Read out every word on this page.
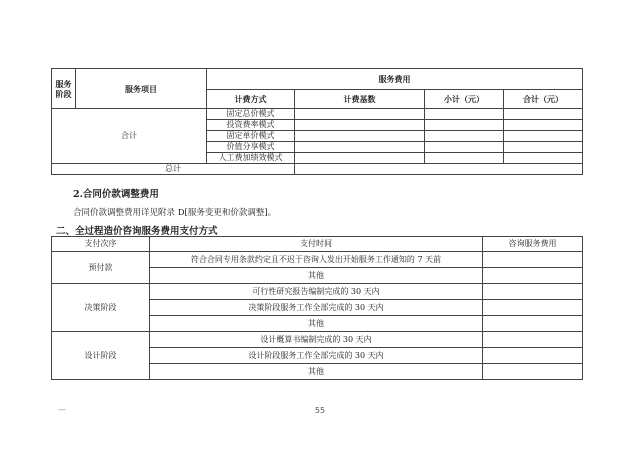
服务阶段	服务项目	服务费用			
		计费方式	计费基数	小计（元）	合计（元）
合计		固定总价模式			
		投资费率模式			
		固定单价模式			
		价值分享模式			
		人工费加绩效模式			
总计					
2.合同价款调整费用
合同价款调整费用详见附录 D[服务变更和价款调整]。
二、全过程造价咨询服务费用支付方式
支付次序	支付时间	咨询服务费用
预付款	符合合同专用条款约定且不迟于咨询人发出开始服务工作通知的 7 天前	
	其他	
决策阶段	可行性研究报告编制完成的 30 天内	
	决策阶段服务工作全部完成的 30 天内	
	其他	
设计阶段	设计概算书编制完成的 30 天内	
	设计阶段服务工作全部完成的 30 天内	
	其他	
—	55
